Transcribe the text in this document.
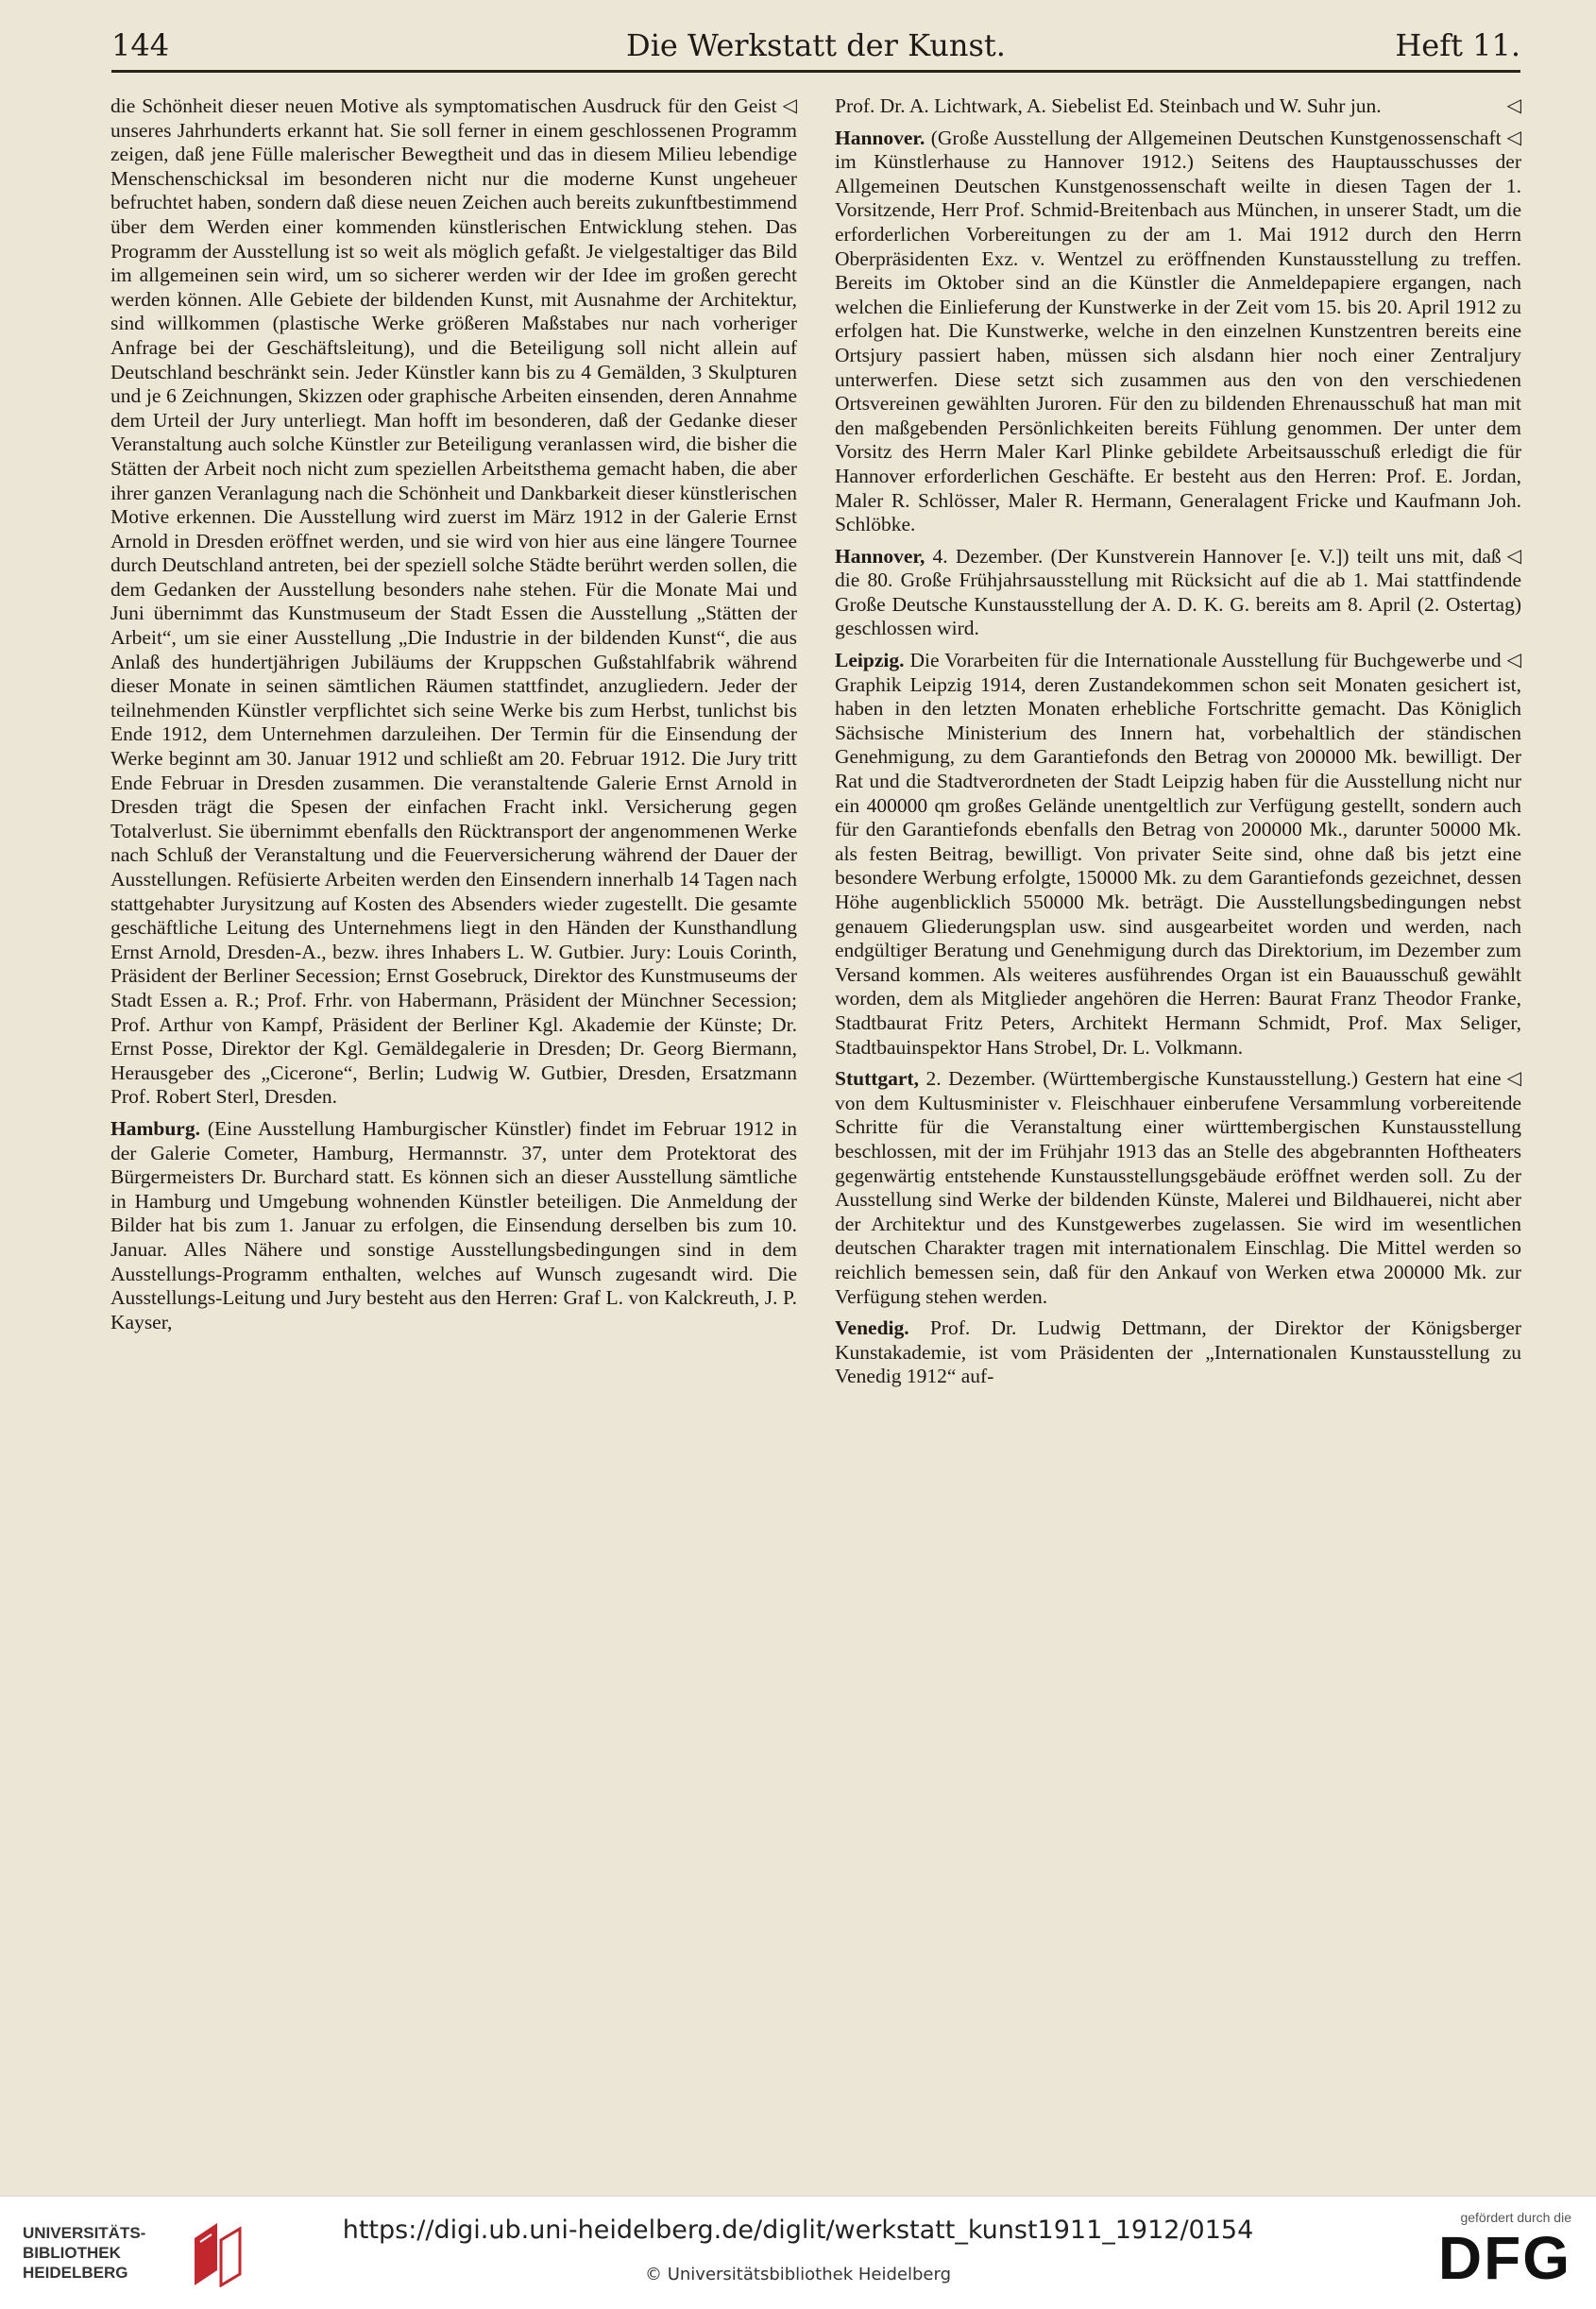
144	Die Werkstatt der Kunst.	Heft 11.

◁
die Schönheit dieser neuen Motive als symptomatischen Ausdruck für den Geist unseres Jahrhunderts erkannt hat. Sie soll ferner in einem geschlossenen Programm zeigen, daß jene Fülle malerischer Bewegtheit und das in diesem Milieu lebendige Menschenschicksal im besonderen nicht nur die moderne Kunst ungeheuer befruchtet haben, sondern daß diese neuen Zeichen auch bereits zukunftbestimmend über dem Werden einer kommenden künstlerischen Entwicklung stehen. Das Programm der Ausstellung ist so weit als möglich gefaßt. Je vielgestaltiger das Bild im allgemeinen sein wird, um so sicherer werden wir der Idee im großen gerecht werden können. Alle Gebiete der bildenden Kunst, mit Ausnahme der Architektur, sind willkommen (plastische Werke größeren Maßstabes nur nach vorheriger Anfrage bei der Geschäftsleitung), und die Beteiligung soll nicht allein auf Deutschland beschränkt sein. Jeder Künstler kann bis zu 4 Gemälden, 3 Skulpturen und je 6 Zeichnungen, Skizzen oder graphische Arbeiten einsenden, deren Annahme dem Urteil der Jury unterliegt. Man hofft im besonderen, daß der Gedanke dieser Veranstaltung auch solche Künstler zur Beteiligung veranlassen wird, die bisher die Stätten der Arbeit noch nicht zum speziellen Arbeitsthema gemacht haben, die aber ihrer ganzen Veranlagung nach die Schönheit und Dankbarkeit dieser künstlerischen Motive erkennen. Die Ausstellung wird zuerst im März 1912 in der Galerie Ernst Arnold in Dresden eröffnet werden, und sie wird von hier aus eine längere Tournee durch Deutschland antreten, bei der speziell solche Städte berührt werden sollen, die dem Gedanken der Ausstellung besonders nahe stehen. Für die Monate Mai und Juni übernimmt das Kunstmuseum der Stadt Essen die Ausstellung „Stätten der Arbeit“, um sie einer Ausstellung „Die Industrie in der bildenden Kunst“, die aus Anlaß des hundertjährigen Jubiläums der Kruppschen Gußstahlfabrik während dieser Monate in seinen sämtlichen Räumen stattfindet, anzugliedern. Jeder der teilnehmenden Künstler verpflichtet sich seine Werke bis zum Herbst, tunlichst bis Ende 1912, dem Unternehmen darzuleihen. Der Termin für die Einsendung der Werke beginnt am 30. Januar 1912 und schließt am 20. Februar 1912. Die Jury tritt Ende Februar in Dresden zusammen. Die veranstaltende Galerie Ernst Arnold in Dresden trägt die Spesen der einfachen Fracht inkl. Versicherung gegen Totalverlust. Sie übernimmt ebenfalls den Rücktransport der angenommenen Werke nach Schluß der Veranstaltung und die Feuerversicherung während der Dauer der Ausstellungen. Refüsierte Arbeiten werden den Einsendern innerhalb 14 Tagen nach stattgehabter Jurysitzung auf Kosten des Absenders wieder zugestellt. Die gesamte geschäftliche Leitung des Unternehmens liegt in den Händen der Kunsthandlung Ernst Arnold, Dresden-A., bezw. ihres Inhabers L. W. Gutbier. Jury: Louis Corinth, Präsident der Berliner Secession; Ernst Gosebruck, Direktor des Kunstmuseums der Stadt Essen a. R.; Prof. Frhr. von Habermann, Präsident der Münchner Secession; Prof. Arthur von Kampf, Präsident der Berliner Kgl. Akademie der Künste; Dr. Ernst Posse, Direktor der Kgl. Gemäldegalerie in Dresden; Dr. Georg Biermann, Herausgeber des „Cicerone“, Berlin; Ludwig W. Gutbier, Dresden, Ersatzmann Prof. Robert Sterl, Dresden.

Hamburg. (Eine Ausstellung Hamburgischer Künstler) findet im Februar 1912 in der Galerie Cometer, Hamburg, Hermannstr. 37, unter dem Protektorat des Bürgermeisters Dr. Burchard statt. Es können sich an dieser Ausstellung sämtliche in Hamburg und Umgebung wohnenden Künstler beteiligen. Die Anmeldung der Bilder hat bis zum 1. Januar zu erfolgen, die Einsendung derselben bis zum 10. Januar. Alles Nähere und sonstige Ausstellungsbedingungen sind in dem Ausstellungs-Programm enthalten, welches auf Wunsch zugesandt wird. Die Ausstellungs-Leitung und Jury besteht aus den Herren: Graf L. von Kalckreuth, J. P. Kayser,

◁
Prof. Dr. A. Lichtwark, A. Siebelist Ed. Steinbach und W. Suhr jun.

◁
Hannover. (Große Ausstellung der Allgemeinen Deutschen Kunstgenossenschaft im Künstlerhause zu Hannover 1912.) Seitens des Hauptausschusses der Allgemeinen Deutschen Kunstgenossenschaft weilte in diesen Tagen der 1. Vorsitzende, Herr Prof. Schmid-Breitenbach aus München, in unserer Stadt, um die erforderlichen Vorbereitungen zu der am 1. Mai 1912 durch den Herrn Oberpräsidenten Exz. v. Wentzel zu eröffnenden Kunstausstellung zu treffen. Bereits im Oktober sind an die Künstler die Anmeldepapiere ergangen, nach welchen die Einlieferung der Kunstwerke in der Zeit vom 15. bis 20. April 1912 zu erfolgen hat. Die Kunstwerke, welche in den einzelnen Kunstzentren bereits eine Ortsjury passiert haben, müssen sich alsdann hier noch einer Zentraljury unterwerfen. Diese setzt sich zusammen aus den von den verschiedenen Ortsvereinen gewählten Juroren. Für den zu bildenden Ehrenausschuß hat man mit den maßgebenden Persönlichkeiten bereits Fühlung genommen. Der unter dem Vorsitz des Herrn Maler Karl Plinke gebildete Arbeitsausschuß erledigt die für Hannover erforderlichen Geschäfte. Er besteht aus den Herren: Prof. E. Jordan, Maler R. Schlösser, Maler R. Hermann, Generalagent Fricke und Kaufmann Joh. Schlöbke.

◁
Hannover, 4. Dezember. (Der Kunstverein Hannover [e. V.]) teilt uns mit, daß die 80. Große Frühjahrsausstellung mit Rücksicht auf die ab 1. Mai stattfindende Große Deutsche Kunstausstellung der A. D. K. G. bereits am 8. April (2. Ostertag) geschlossen wird.

◁
Leipzig. Die Vorarbeiten für die Internationale Ausstellung für Buchgewerbe und Graphik Leipzig 1914, deren Zustandekommen schon seit Monaten gesichert ist, haben in den letzten Monaten erhebliche Fortschritte gemacht. Das Königlich Sächsische Ministerium des Innern hat, vorbehaltlich der ständischen Genehmigung, zu dem Garantiefonds den Betrag von 200000 Mk. bewilligt. Der Rat und die Stadtverordneten der Stadt Leipzig haben für die Ausstellung nicht nur ein 400000 qm großes Gelände unentgeltlich zur Verfügung gestellt, sondern auch für den Garantiefonds ebenfalls den Betrag von 200000 Mk., darunter 50000 Mk. als festen Beitrag, bewilligt. Von privater Seite sind, ohne daß bis jetzt eine besondere Werbung erfolgte, 150000 Mk. zu dem Garantiefonds gezeichnet, dessen Höhe augenblicklich 550000 Mk. beträgt. Die Ausstellungsbedingungen nebst genauem Gliederungsplan usw. sind ausgearbeitet worden und werden, nach endgültiger Beratung und Genehmigung durch das Direktorium, im Dezember zum Versand kommen. Als weiteres ausführendes Organ ist ein Bauausschuß gewählt worden, dem als Mitglieder angehören die Herren: Baurat Franz Theodor Franke, Stadtbaurat Fritz Peters, Architekt Hermann Schmidt, Prof. Max Seliger, Stadtbauinspektor Hans Strobel, Dr. L. Volkmann.

◁
Stuttgart, 2. Dezember. (Württembergische Kunstausstellung.) Gestern hat eine von dem Kultusminister v. Fleischhauer einberufene Versammlung vorbereitende Schritte für die Veranstaltung einer württembergischen Kunstausstellung beschlossen, mit der im Frühjahr 1913 das an Stelle des abgebrannten Hoftheaters gegenwärtig entstehende Kunstausstellungsgebäude eröffnet werden soll. Zu der Ausstellung sind Werke der bildenden Künste, Malerei und Bildhauerei, nicht aber der Architektur und des Kunstgewerbes zugelassen. Sie wird im wesentlichen deutschen Charakter tragen mit internationalem Einschlag. Die Mittel werden so reichlich bemessen sein, daß für den Ankauf von Werken etwa 200000 Mk. zur Verfügung stehen werden.

Venedig. Prof. Dr. Ludwig Dettmann, der Direktor der Königsberger Kunstakademie, ist vom Präsidenten der „Internationalen Kunstausstellung zu Venedig 1912“ auf-

UNIVERSITÄTS-
BIBLIOTHEK
HEIDELBERG
https://digi.ub.uni-heidelberg.de/diglit/werkstatt_kunst1911_1912/0154
© Universitätsbibliothek Heidelberg
gefördert durch die
DFG
